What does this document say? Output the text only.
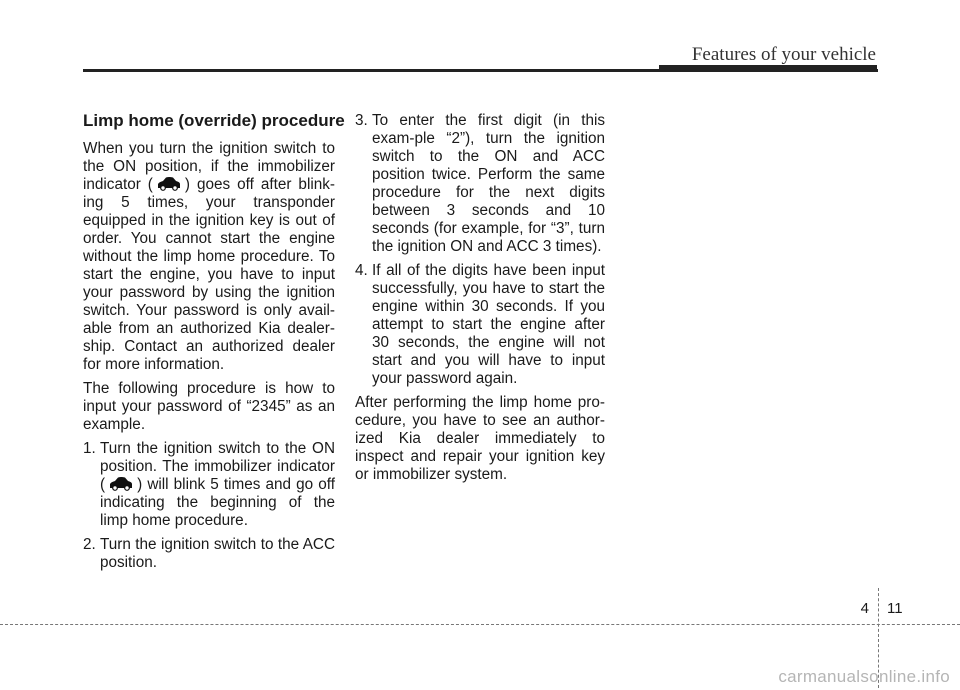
Features of your vehicle
Limp home (override) procedure

When you turn the ignition switch to the ON position, if the immobilizer indicator ( ) goes off after blink-ing 5 times, your transponder equipped in the ignition key is out of order. You cannot start the engine without the limp home procedure. To start the engine, you have to input your password by using the ignition switch. Your password is only avail-able from an authorized Kia dealer-ship. Contact an authorized dealer for more information.

The following procedure is how to input your password of “2345” as an example.

1. Turn the ignition switch to the ON position. The immobilizer indicator ( ) will blink 5 times and go off indicating the beginning of the limp home procedure.
2. Turn the ignition switch to the ACC position.
3. To enter the first digit (in this exam-ple “2”), turn the ignition switch to the ON and ACC position twice. Perform the same procedure for the next digits between 3 seconds and 10 seconds (for example, for “3”, turn the ignition ON and ACC 3 times).
4. If all of the digits have been input successfully, you have to start the engine within 30 seconds. If you attempt to start the engine after 30 seconds, the engine will not start and you will have to input your password again.

After performing the limp home pro-cedure, you have to see an author-ized Kia dealer immediately to inspect and repair your ignition key or immobilizer system.

4 11
carmanualsonline.info
